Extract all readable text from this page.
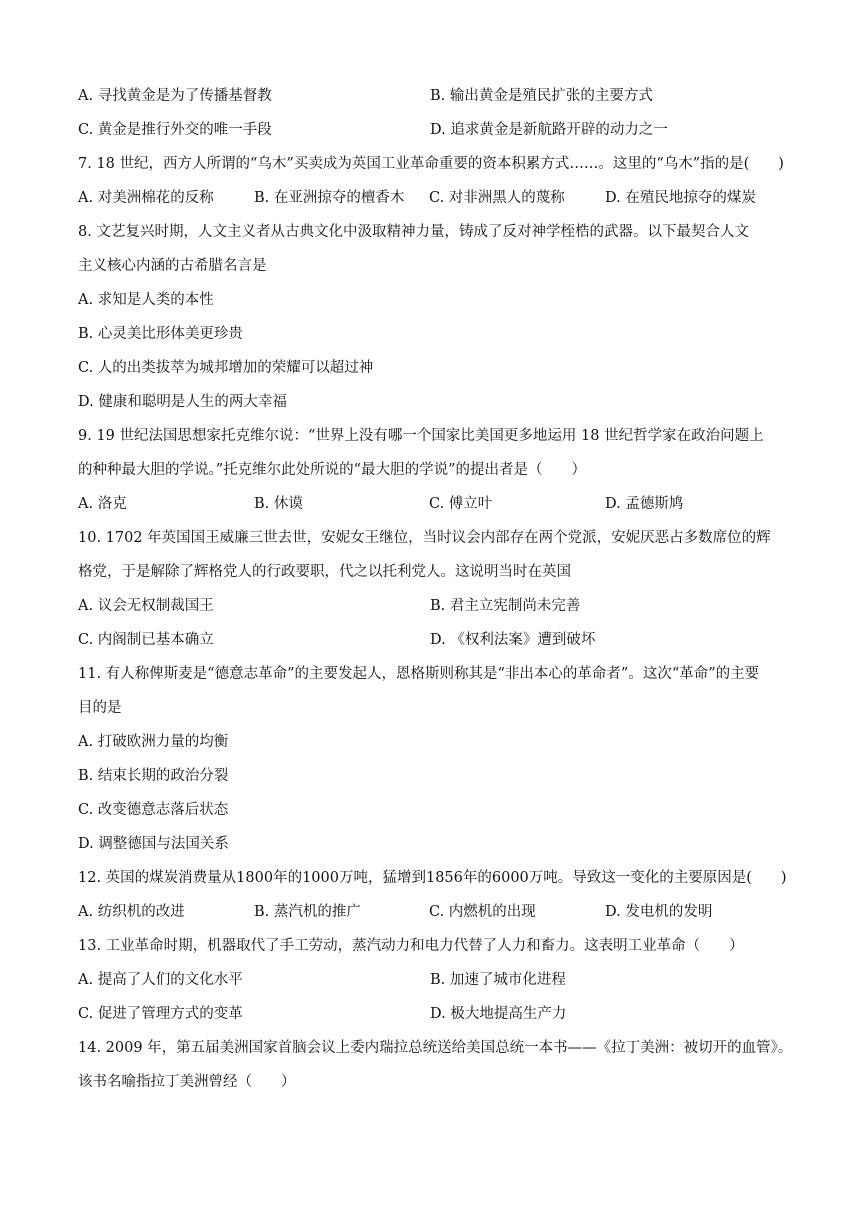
A. 寻找黄金是为了传播基督教	B. 输出黄金是殖民扩张的主要方式
C. 黄金是推行外交的唯一手段	D. 追求黄金是新航路开辟的动力之一
7. 18 世纪，西方人所谓的“乌木”买卖成为英国工业革命重要的资本积累方式……。这里的“乌木”指的是(　　)
A. 对美洲棉花的反称	B. 在亚洲掠夺的檀香木 C. 对非洲黑人的蔑称	D. 在殖民地掠夺的煤炭
8. 文艺复兴时期，人文主义者从古典文化中汲取精神力量，铸成了反对神学桎梏的武器。以下最契合人文
主义核心内涵的古希腊名言是
A. 求知是人类的本性
B. 心灵美比形体美更珍贵
C. 人的出类拔萃为城邦增加的荣耀可以超过神
D. 健康和聪明是人生的两大幸福
9. 19 世纪法国思想家托克维尔说：“世界上没有哪一个国家比美国更多地运用 18 世纪哲学家在政治问题上
的种种最大胆的学说。”托克维尔此处所说的“最大胆的学说”的提出者是（　　）
A. 洛克	B. 休谟	C. 傅立叶	D. 孟德斯鸠
10. 1702 年英国国王威廉三世去世，安妮女王继位，当时议会内部存在两个党派，安妮厌恶占多数席位的辉
格党，于是解除了辉格党人的行政要职，代之以托利党人。这说明当时在英国
A. 议会无权制裁国王	B. 君主立宪制尚未完善
C. 内阁制已基本确立	D. 《权利法案》遭到破坏
11. 有人称俾斯麦是“德意志革命”的主要发起人，恩格斯则称其是“非出本心的革命者”。这次“革命”的主要
目的是
A. 打破欧洲力量的均衡
B. 结束长期的政治分裂
C. 改变德意志落后状态
D. 调整德国与法国关系
12. 英国的煤炭消费量从1800年的1000万吨，猛增到1856年的6000万吨。导致这一变化的主要原因是(　　)
A. 纺织机的改进	B. 蒸汽机的推广	C. 内燃机的出现	D. 发电机的发明
13. 工业革命时期，机器取代了手工劳动，蒸汽动力和电力代替了人力和畜力。这表明工业革命（　　）
A. 提高了人们的文化水平	B. 加速了城市化进程
C. 促进了管理方式的变革	D. 极大地提高生产力
14. 2009 年，第五届美洲国家首脑会议上委内瑞拉总统送给美国总统一本书——《拉丁美洲：被切开的血管》。
该书名喻指拉丁美洲曾经（　　）
